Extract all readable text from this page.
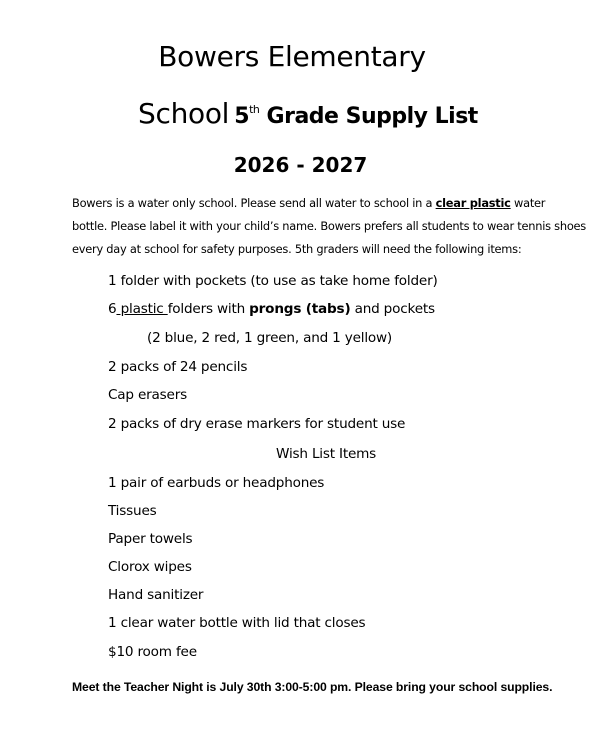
Bowers Elementary
School 5th Grade Supply List
2026 - 2027
Bowers is a water only school. Please send all water to school in a clear plastic water
bottle. Please label it with your child’s name. Bowers prefers all students to wear tennis shoes
every day at school for safety purposes. 5th graders will need the following items:
1 folder with pockets (to use as take home folder)
6 plastic folders with prongs (tabs) and pockets
(2 blue, 2 red, 1 green, and 1 yellow)
2 packs of 24 pencils
Cap erasers
2 packs of dry erase markers for student use
Wish List Items
1 pair of earbuds or headphones
Tissues
Paper towels
Clorox wipes
Hand sanitizer
1 clear water bottle with lid that closes
$10 room fee
Meet the Teacher Night is July 30th 3:00-5:00 pm. Please bring your school supplies.
